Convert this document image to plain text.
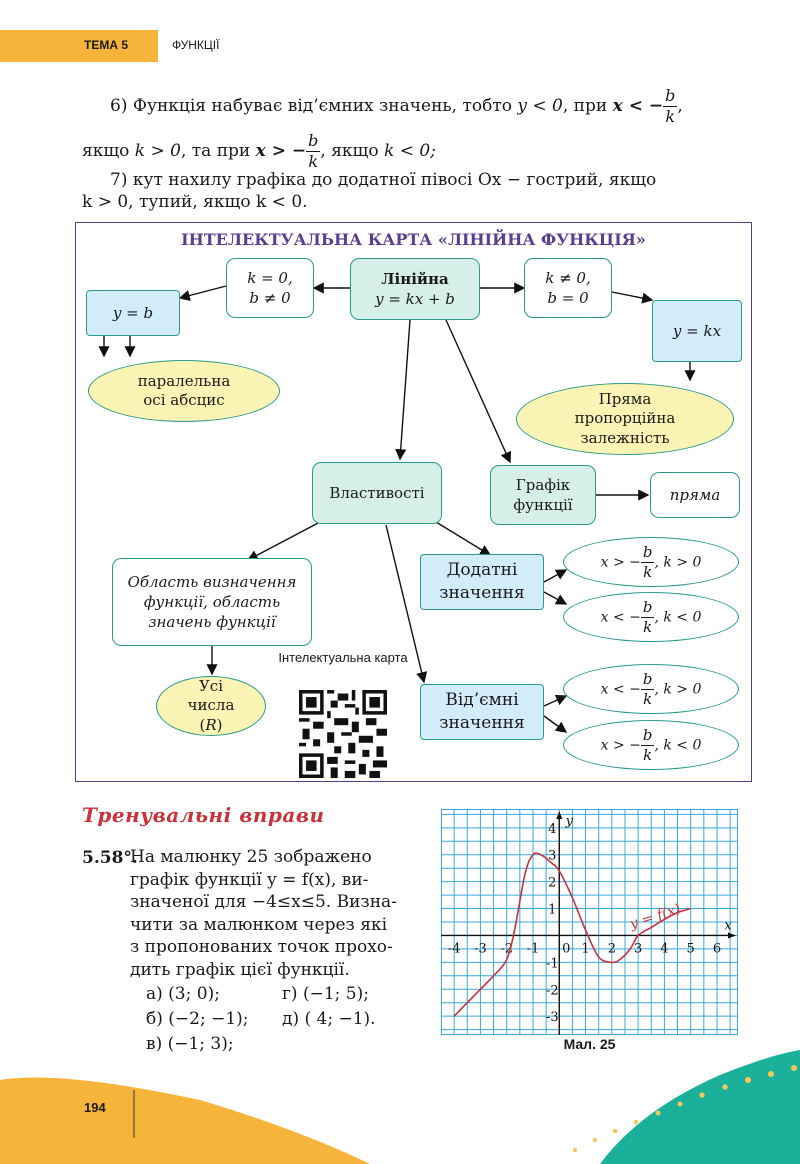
ТЕМА 5	ФУНКЦІЇ
6) Функція набуває від’ємних значень, тобто y < 0, при x < − $\frac{b}{k}$ ,
якщо k > 0, та при x > − $\frac{b}{k}$ , якщо k < 0;
7) кут нахилу графіка до додатної півосі Ox − гострий, якщо
k > 0, тупий, якщо k < 0.
ІНТЕЛЕКТУАЛЬНА КАРТА «ЛІНІЙНА ФУНКЦІЯ»
Лінійна
y = kx + b
k = 0,
b ≠ 0
k ≠ 0,
b = 0
y = b
y = kx
паралельна осі абсцис	Пряма пропорційна залежність
Властивості	Графік функції
пряма
Область визначення функції, область значень функції
Усі числа
(R)
Додатні значення
Від’ємні значення
x > − $\frac{b}{k}$ , k > 0
x < − $\frac{b}{k}$ , k < 0
x < − $\frac{b}{k}$ , k > 0
x > − $\frac{b}{k}$ , k < 0
Інтелектуальна карта
Тренувальні вправи
5.58°.
На малюнку 25 зображено
графік функції y = f(x), ви-
значеної для −4≤x≤5. Визна-
чити за малюнком через які
з пропонованих точок прохо-
дить графік цієї функції.
а) (3; 0);	г) (−1; 5);
б) (−2; −1);	д) ( 4; −1).
в) (−1; 3);
x
y
-4 -3 -2 -1 0 1 2 3 4 5 6
4
3
2
1
-1
-2
-3
y = f(x)
Мал. 25
194
